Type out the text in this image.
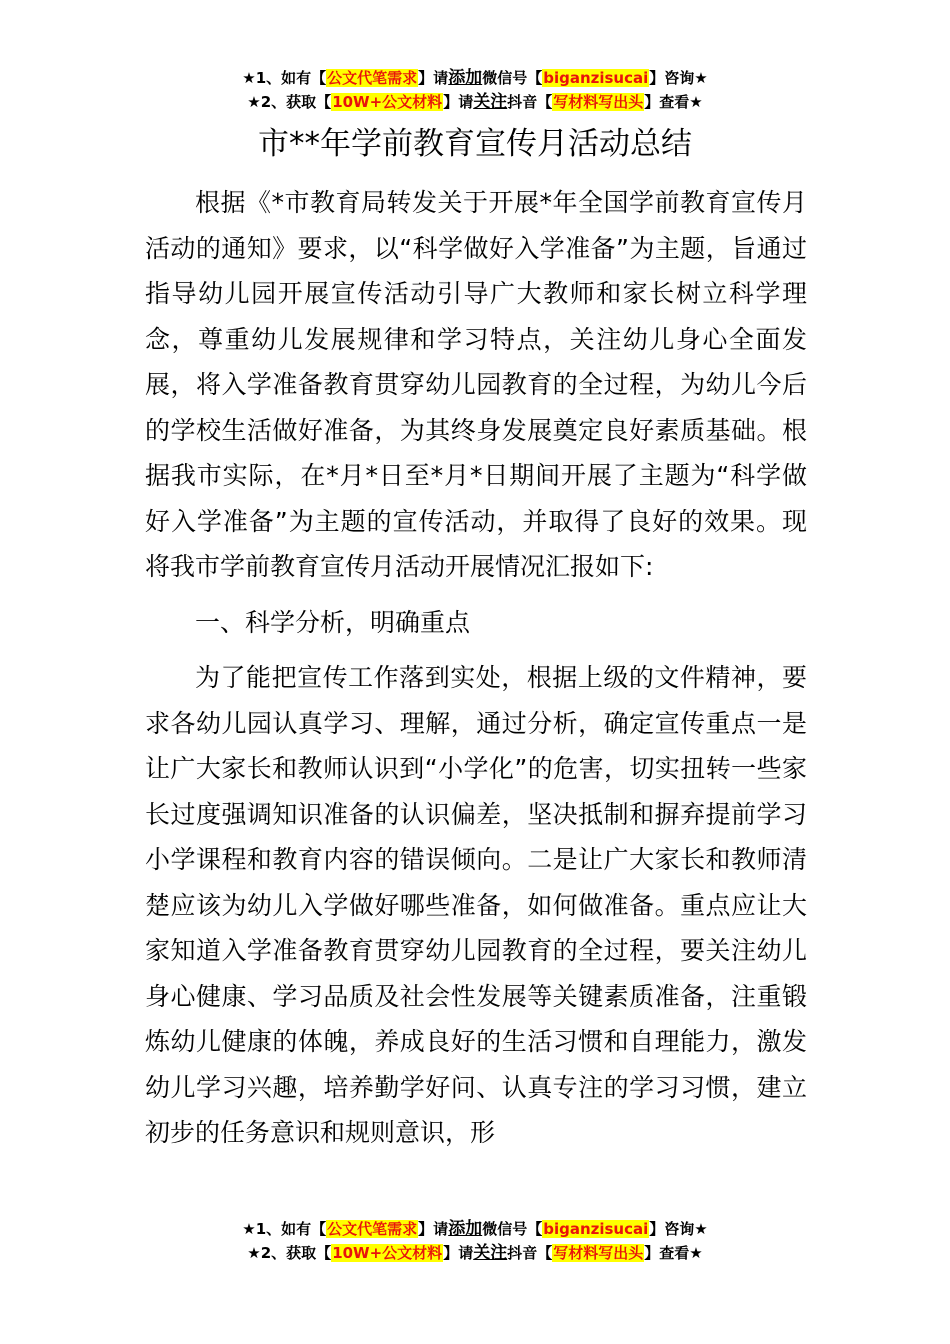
★1、如有【公文代笔需求】请添加微信号【biganzisucai】咨询★
★2、获取【10W+公文材料】请关注抖音【写材料写出头】查看★
市**年学前教育宣传月活动总结

根据《*市教育局转发关于开展*年全国学前教育宣传月活动的通知》要求，以“科学做好入学准备”为主题，旨通过指导幼儿园开展宣传活动引导广大教师和家长树立科学理念，尊重幼儿发展规律和学习特点，关注幼儿身心全面发展，将入学准备教育贯穿幼儿园教育的全过程，为幼儿今后的学校生活做好准备，为其终身发展奠定良好素质基础。根据我市实际，在*月*日至*月*日期间开展了主题为“科学做好入学准备”为主题的宣传活动，并取得了良好的效果。现将我市学前教育宣传月活动开展情况汇报如下:

一、科学分析，明确重点

为了能把宣传工作落到实处，根据上级的文件精神，要求各幼儿园认真学习、理解，通过分析，确定宣传重点一是让广大家长和教师认识到“小学化”的危害，切实扭转一些家长过度强调知识准备的认识偏差，坚决抵制和摒弃提前学习小学课程和教育内容的错误倾向。二是让广大家长和教师清楚应该为幼儿入学做好哪些准备，如何做准备。重点应让大家知道入学准备教育贯穿幼儿园教育的全过程，要关注幼儿身心健康、学习品质及社会性发展等关键素质准备，注重锻炼幼儿健康的体魄，养成良好的生活习惯和自理能力，激发幼儿学习兴趣，培养勤学好问、认真专注的学习习惯，建立初步的任务意识和规则意识，形

★1、如有【公文代笔需求】请添加微信号【biganzisucai】咨询★
★2、获取【10W+公文材料】请关注抖音【写材料写出头】查看★
